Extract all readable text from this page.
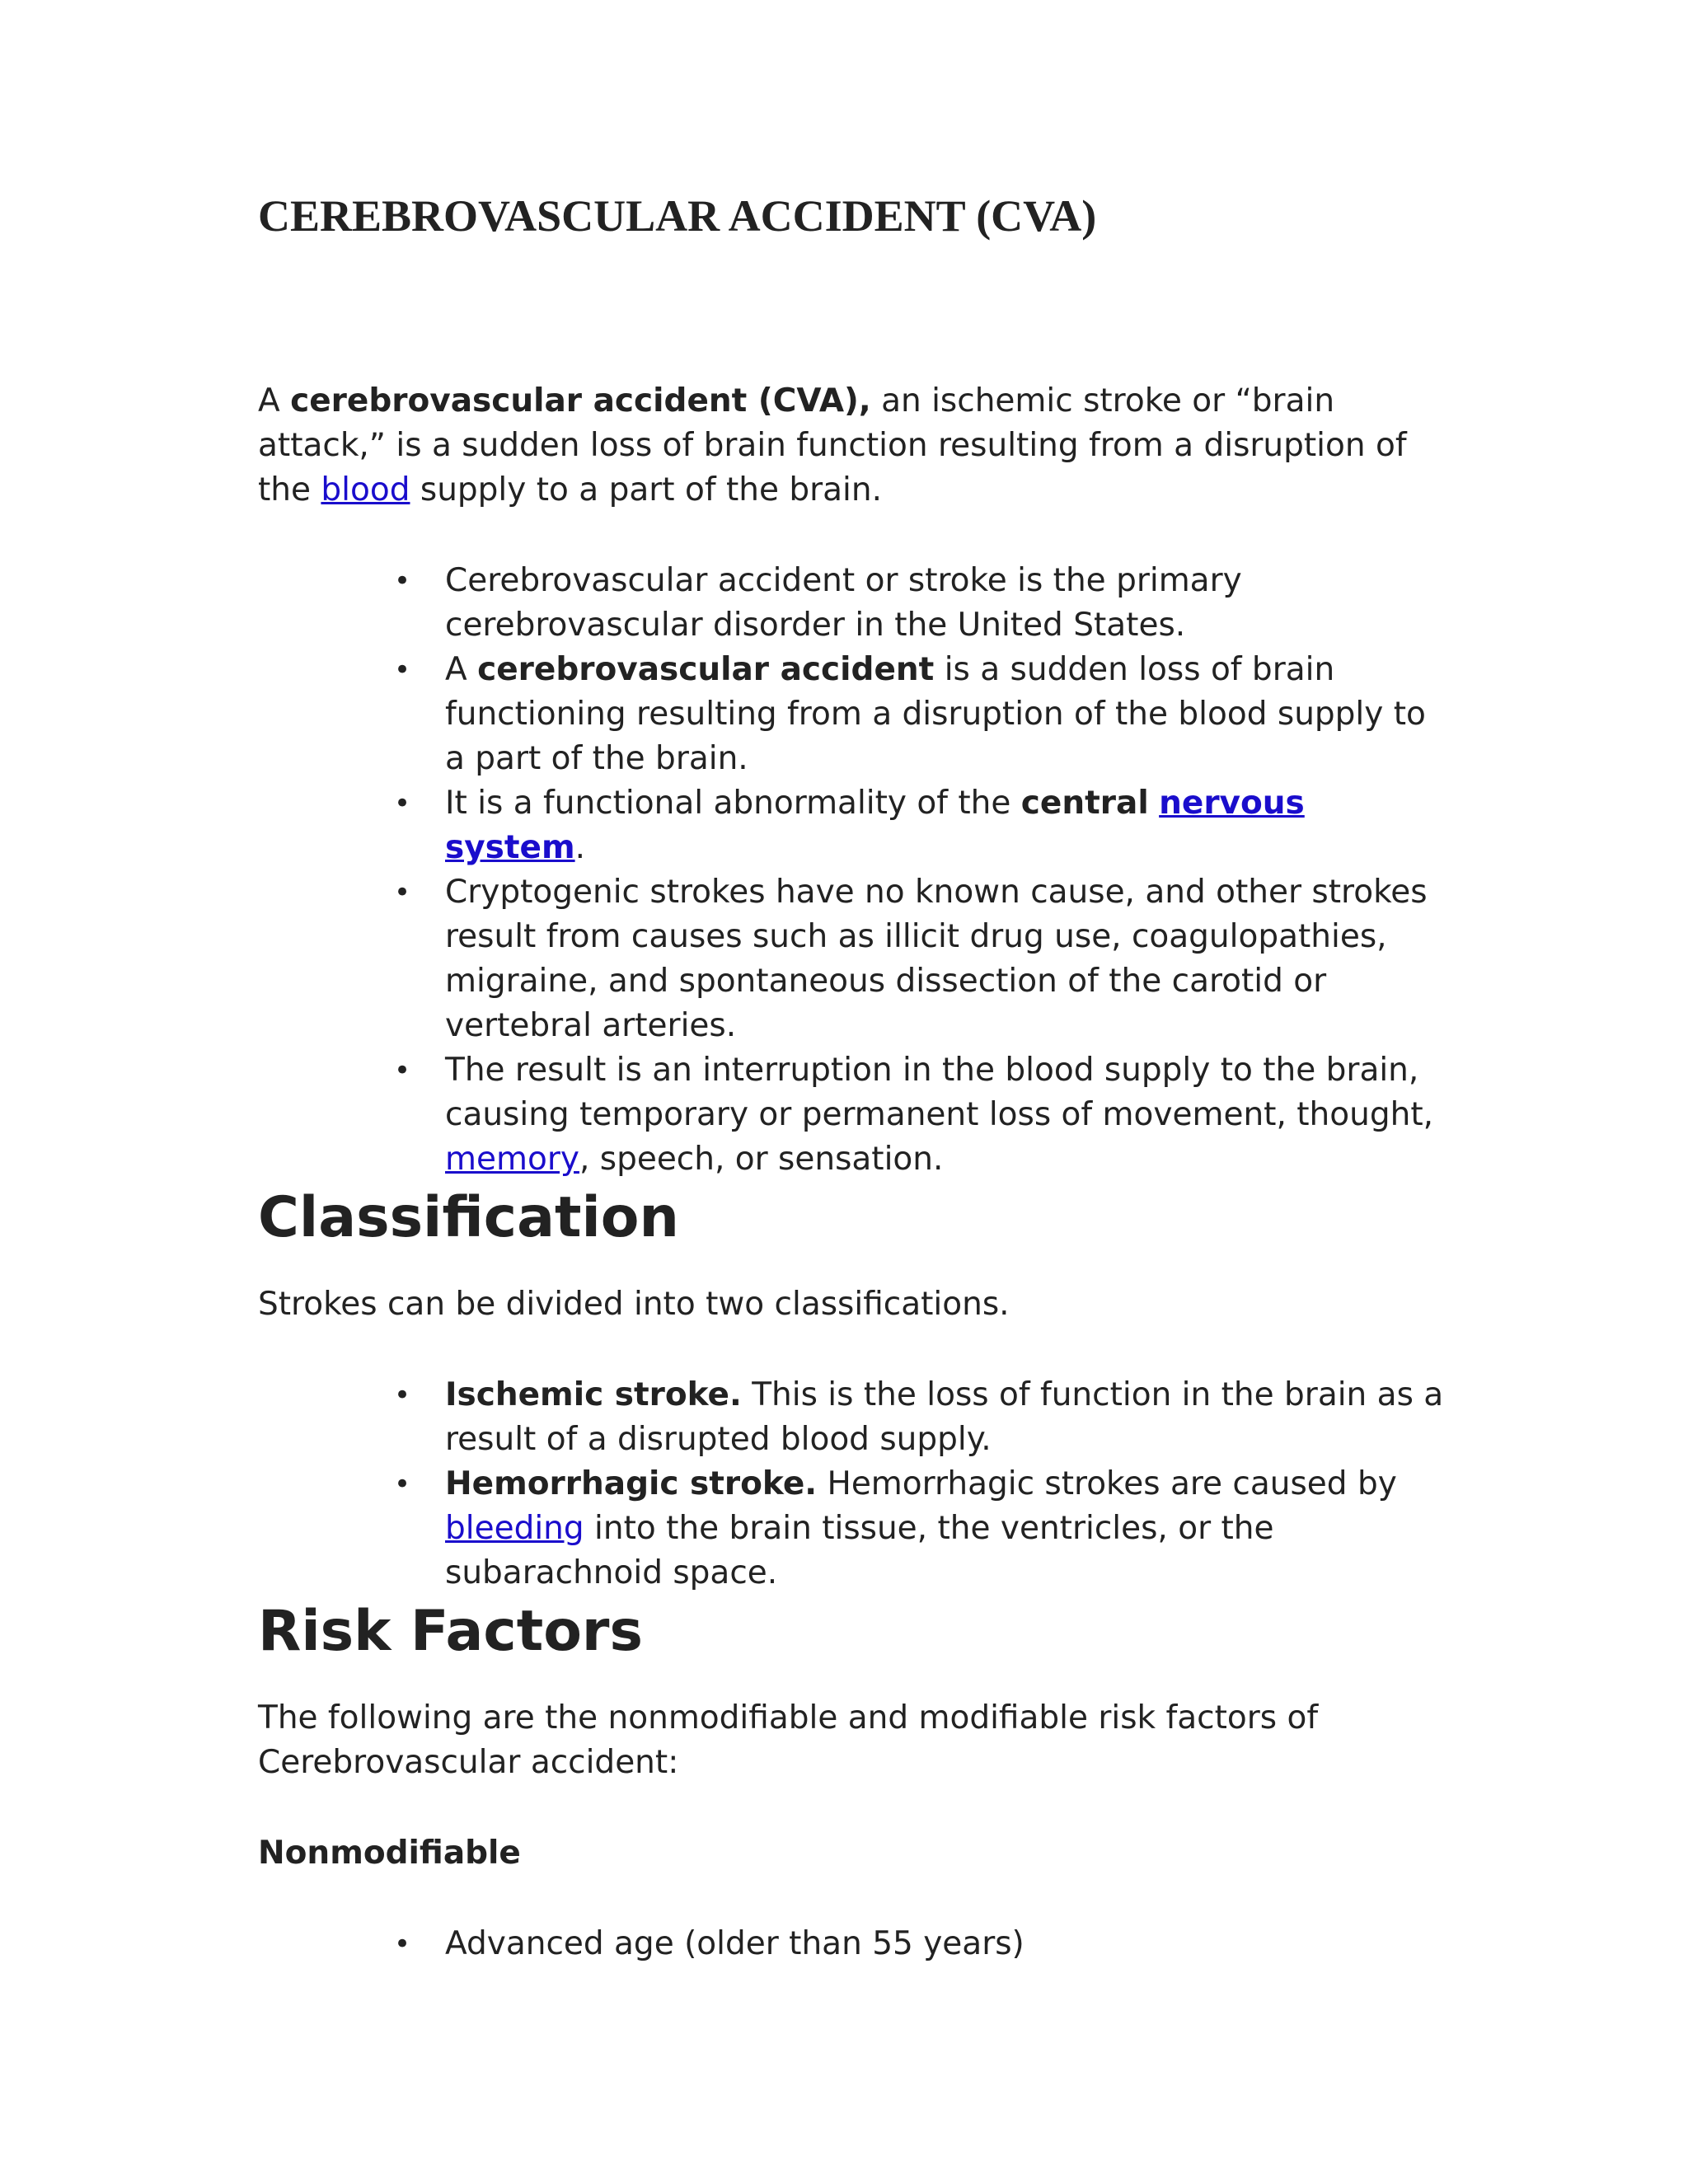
CEREBROVASCULAR ACCIDENT (CVA)

A cerebrovascular accident (CVA), an ischemic stroke or “brain attack,” is a sudden loss of brain function resulting from a disruption of the blood supply to a part of the brain.

• Cerebrovascular accident or stroke is the primary cerebrovascular disorder in the United States.
• A cerebrovascular accident is a sudden loss of brain functioning resulting from a disruption of the blood supply to a part of the brain.
• It is a functional abnormality of the central nervous system.
• Cryptogenic strokes have no known cause, and other strokes result from causes such as illicit drug use, coagulopathies, migraine, and spontaneous dissection of the carotid or vertebral arteries.
• The result is an interruption in the blood supply to the brain, causing temporary or permanent loss of movement, thought, memory, speech, or sensation.
Classification

Strokes can be divided into two classifications.

• Ischemic stroke. This is the loss of function in the brain as a result of a disrupted blood supply.
• Hemorrhagic stroke. Hemorrhagic strokes are caused by bleeding into the brain tissue, the ventricles, or the subarachnoid space.
Risk Factors

The following are the nonmodifiable and modifiable risk factors of Cerebrovascular accident:

Nonmodifiable

• Advanced age (older than 55 years)
